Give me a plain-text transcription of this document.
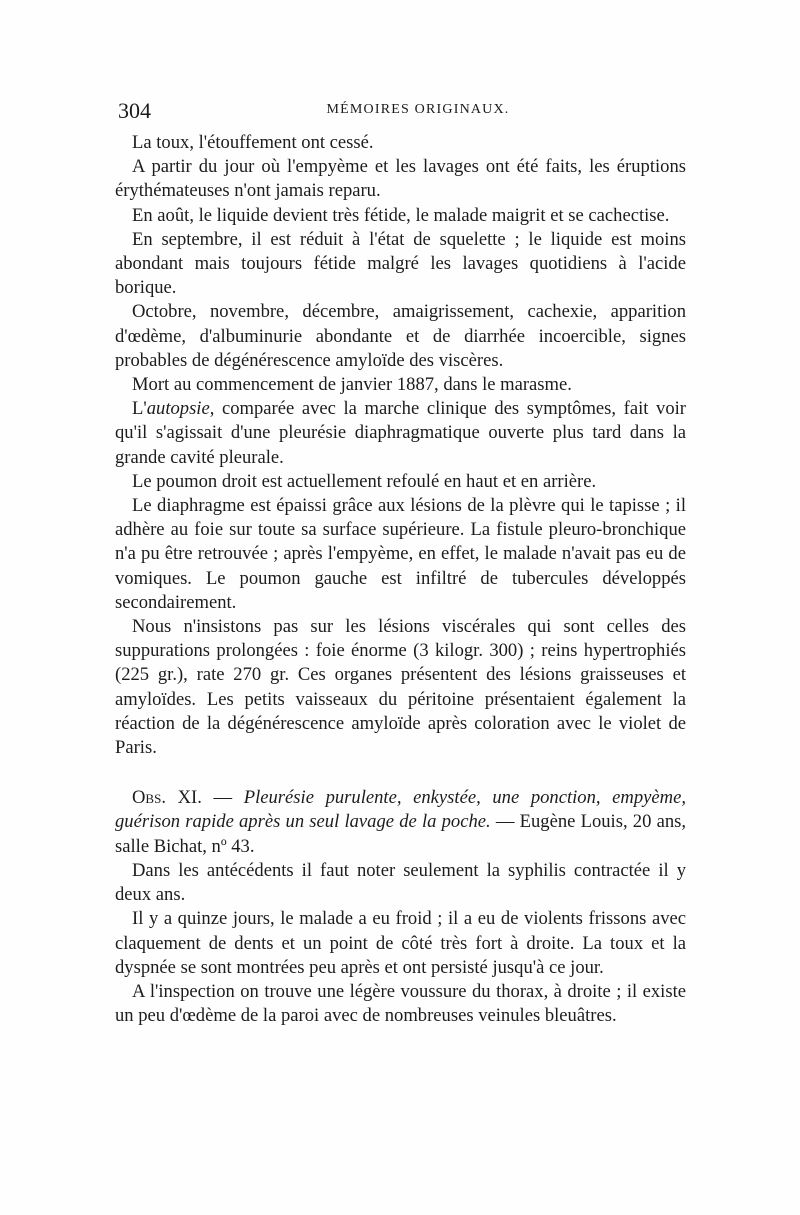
304	MÉMOIRES ORIGINAUX.

La toux, l'étouffement ont cessé.

A partir du jour où l'empyème et les lavages ont été faits, les éruptions érythémateuses n'ont jamais reparu.

En août, le liquide devient très fétide, le malade maigrit et se cachectise.

En septembre, il est réduit à l'état de squelette ; le liquide est moins abondant mais toujours fétide malgré les lavages quotidiens à l'acide borique.

Octobre, novembre, décembre, amaigrissement, cachexie, apparition d'œdème, d'albuminurie abondante et de diarrhée incoercible, signes probables de dégénérescence amyloïde des viscères.

Mort au commencement de janvier 1887, dans le marasme.

L'autopsie, comparée avec la marche clinique des symptômes, fait voir qu'il s'agissait d'une pleurésie diaphragmatique ouverte plus tard dans la grande cavité pleurale.

Le poumon droit est actuellement refoulé en haut et en arrière.

Le diaphragme est épaissi grâce aux lésions de la plèvre qui le tapisse ; il adhère au foie sur toute sa surface supérieure. La fistule pleuro-bronchique n'a pu être retrouvée ; après l'empyème, en effet, le malade n'avait pas eu de vomiques. Le poumon gauche est infiltré de tubercules développés secondairement.

Nous n'insistons pas sur les lésions viscérales qui sont celles des suppurations prolongées : foie énorme (3 kilogr. 300) ; reins hypertrophiés (225 gr.), rate 270 gr. Ces organes présentent des lésions graisseuses et amyloïdes. Les petits vaisseaux du péritoine présentaient également la réaction de la dégénérescence amyloïde après coloration avec le violet de Paris.

Obs. XI. — Pleurésie purulente, enkystée, une ponction, empyème, guérison rapide après un seul lavage de la poche. — Eugène Louis, 20 ans, salle Bichat, nº 43.

Dans les antécédents il faut noter seulement la syphilis contractée il y deux ans.

Il y a quinze jours, le malade a eu froid ; il a eu de violents frissons avec claquement de dents et un point de côté très fort à droite. La toux et la dyspnée se sont montrées peu après et ont persisté jusqu'à ce jour.

A l'inspection on trouve une légère voussure du thorax, à droite ; il existe un peu d'œdème de la paroi avec de nombreuses veinules bleuâtres.
